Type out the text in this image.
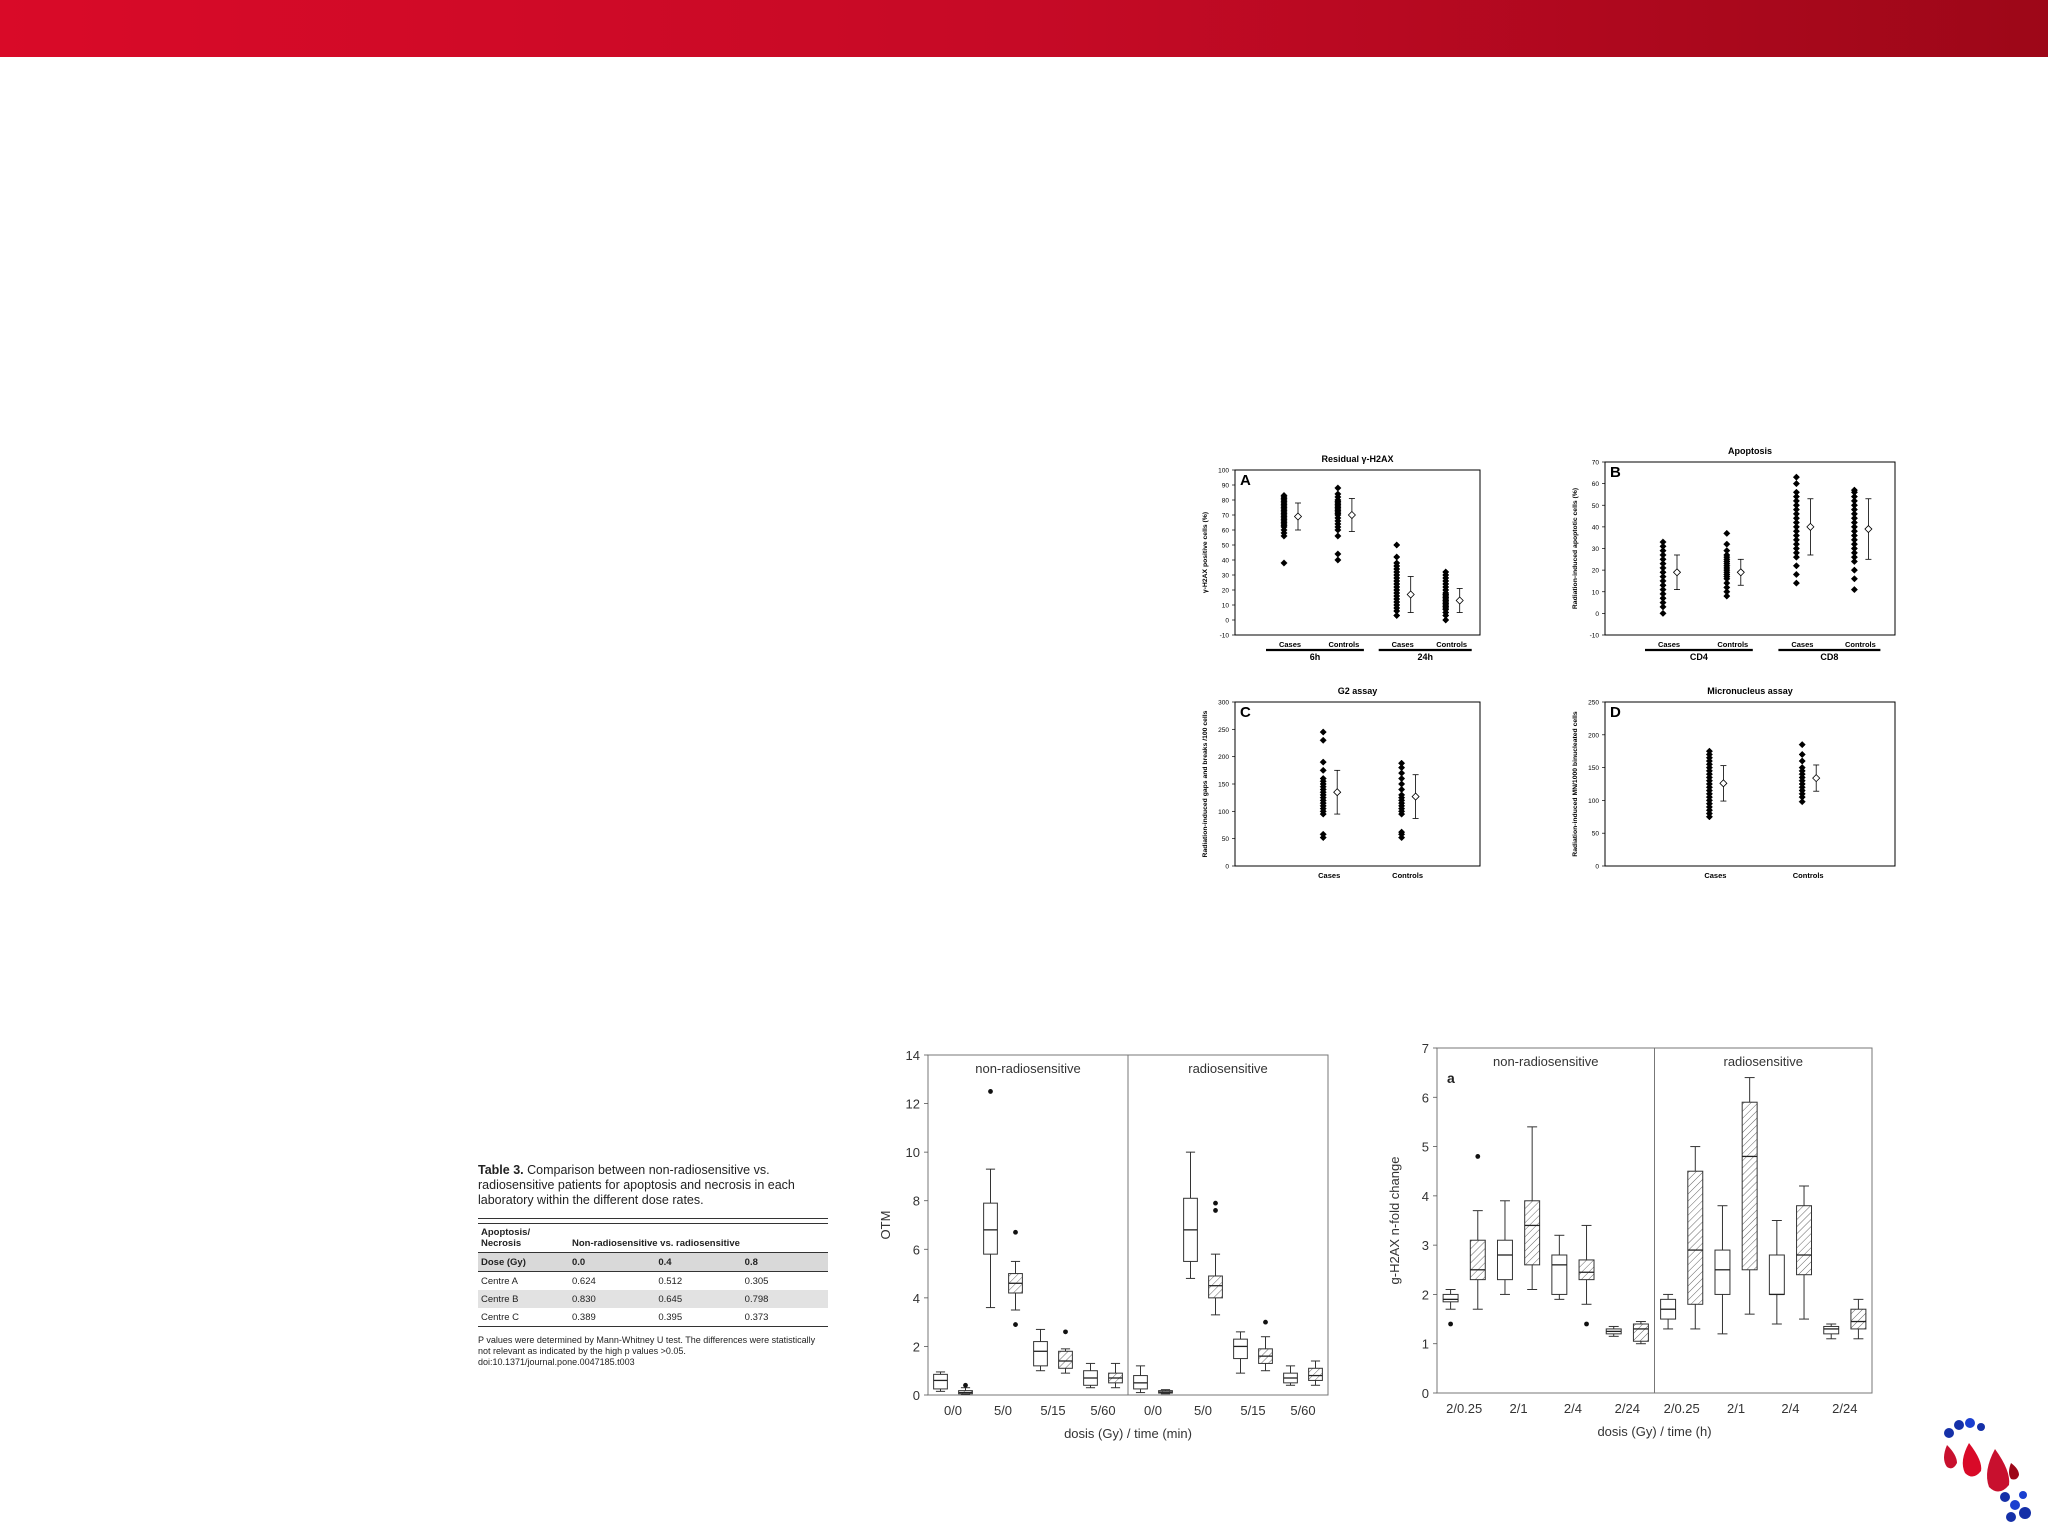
Residual γ-H2AX
A
-10
0
10
20
30
40
50
60
70
80
90
100
γ-H2AX positive cells (%)
Cases	Controls	Cases	Controls
6h	24h
Apoptosis
B
-10
0
10
20
30
40
50
60
70
Radiation-induced apoptotic cells (%)
Cases	Controls	Cases	Controls
CD4	CD8
G2 assay
C
0
50
100
150
200
250
300
Radiation-induced gaps and breaks /100 cells
Cases	Controls
Micronucleus assay
D
0
50
100
150
200
250
Radiation-induced MN/1000 binucleated cells
Cases	Controls
0
2
4
6
8
10
12
14
OTM
dosis (Gy) / time (min)
non-radiosensitive
0/0 5/0 5/15 5/60
radiosensitive
0/0 5/0 5/15 5/60
0
1
2
3
4
5
6
7
g-H2AX n-fold change
dosis (Gy) / time (h)
a
non-radiosensitive
2/0.25 2/1	2/4	2/24
radiosensitive
2/0.25 2/1	2/4	2/24

Table 3. Comparison between non-radiosensitive vs. radiosensitive patients for apoptosis and necrosis in each laboratory within the different dose rates.

Apoptosis/ Necrosis	Non-radiosensitive vs. radiosensitive		
Dose (Gy)	0.0	0.4	0.8
Centre A	0.624	0.512	0.305
Centre B	0.830	0.645	0.798
Centre C	0.389	0.395	0.373
P values were determined by Mann-Whitney U test. The differences were statistically not relevant as indicated by the high p values >0.05.
doi:10.1371/journal.pone.0047185.t003
